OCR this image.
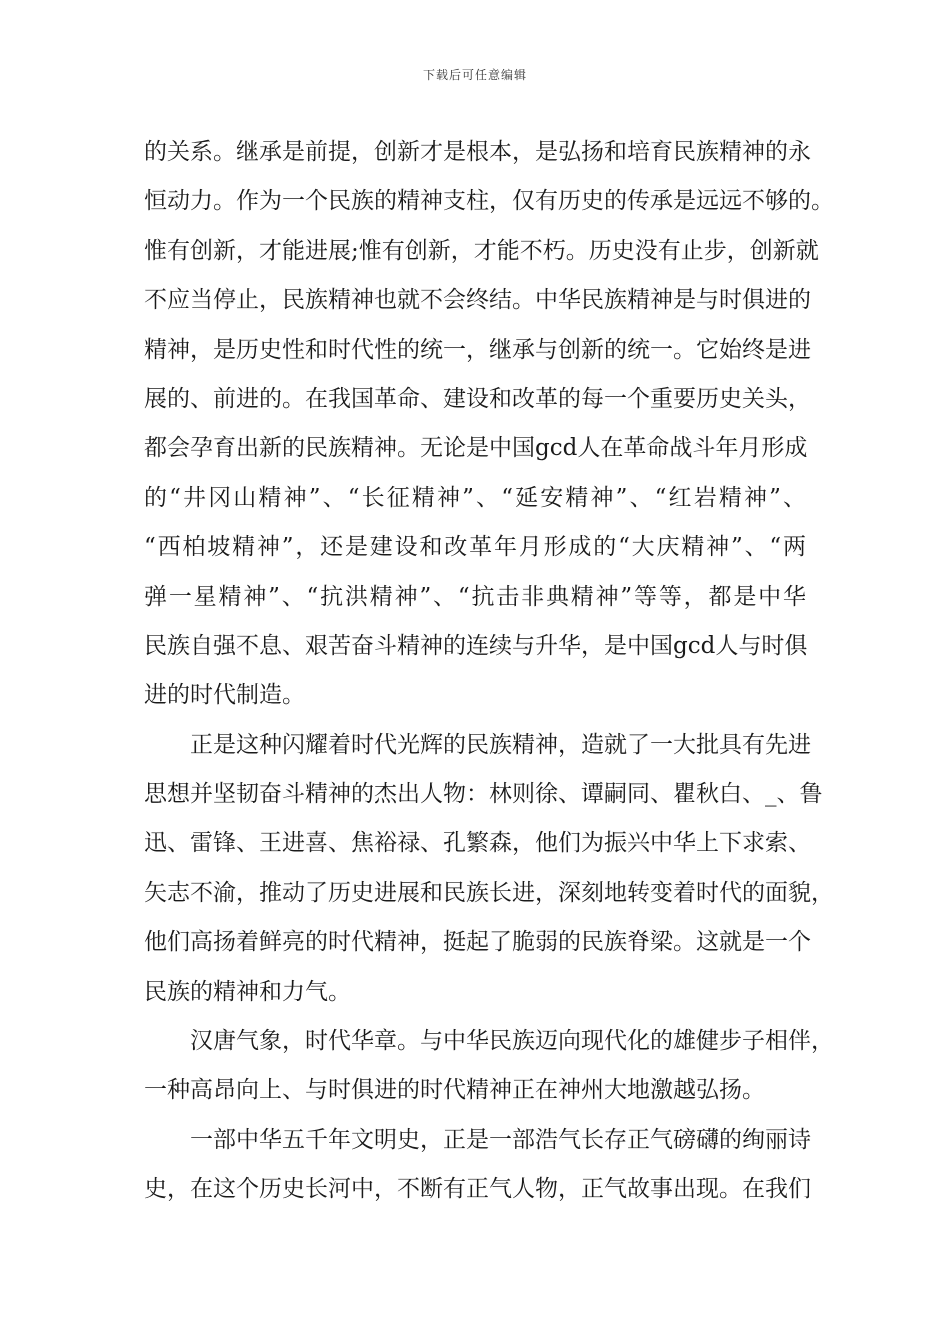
下载后可任意编辑
的关系。继承是前提，创新才是根本，是弘扬和培育民族精神的永
恒动力。作为一个民族的精神支柱，仅有历史的传承是远远不够的。
惟有创新，才能进展;惟有创新，才能不朽。历史没有止步，创新就
不应当停止，民族精神也就不会终结。中华民族精神是与时俱进的
精神，是历史性和时代性的统一，继承与创新的统一。它始终是进
展的、前进的。在我国革命、建设和改革的每一个重要历史关头，
都会孕育出新的民族精神。无论是中国gcd人在革命战斗年月形成
的“井冈山精神”、“长征精神”、“延安精神”、“红岩精神”、
“西柏坡精神”，还是建设和改革年月形成的“大庆精神”、“两
弹一星精神”、“抗洪精神”、“抗击非典精神”等等，都是中华
民族自强不息、艰苦奋斗精神的连续与升华，是中国gcd人与时俱
进的时代制造。
正是这种闪耀着时代光辉的民族精神，造就了一大批具有先进
思想并坚韧奋斗精神的杰出人物：林则徐、谭嗣同、瞿秋白、_、鲁
迅、雷锋、王进喜、焦裕禄、孔繁森，他们为振兴中华上下求索、
矢志不渝，推动了历史进展和民族长进，深刻地转变着时代的面貌，
他们高扬着鲜亮的时代精神，挺起了脆弱的民族脊梁。这就是一个
民族的精神和力气。
汉唐气象，时代华章。与中华民族迈向现代化的雄健步子相伴，
一种高昂向上、与时俱进的时代精神正在神州大地激越弘扬。
一部中华五千年文明史，正是一部浩气长存正气磅礴的绚丽诗
史，在这个历史长河中，不断有正气人物，正气故事出现。在我们
